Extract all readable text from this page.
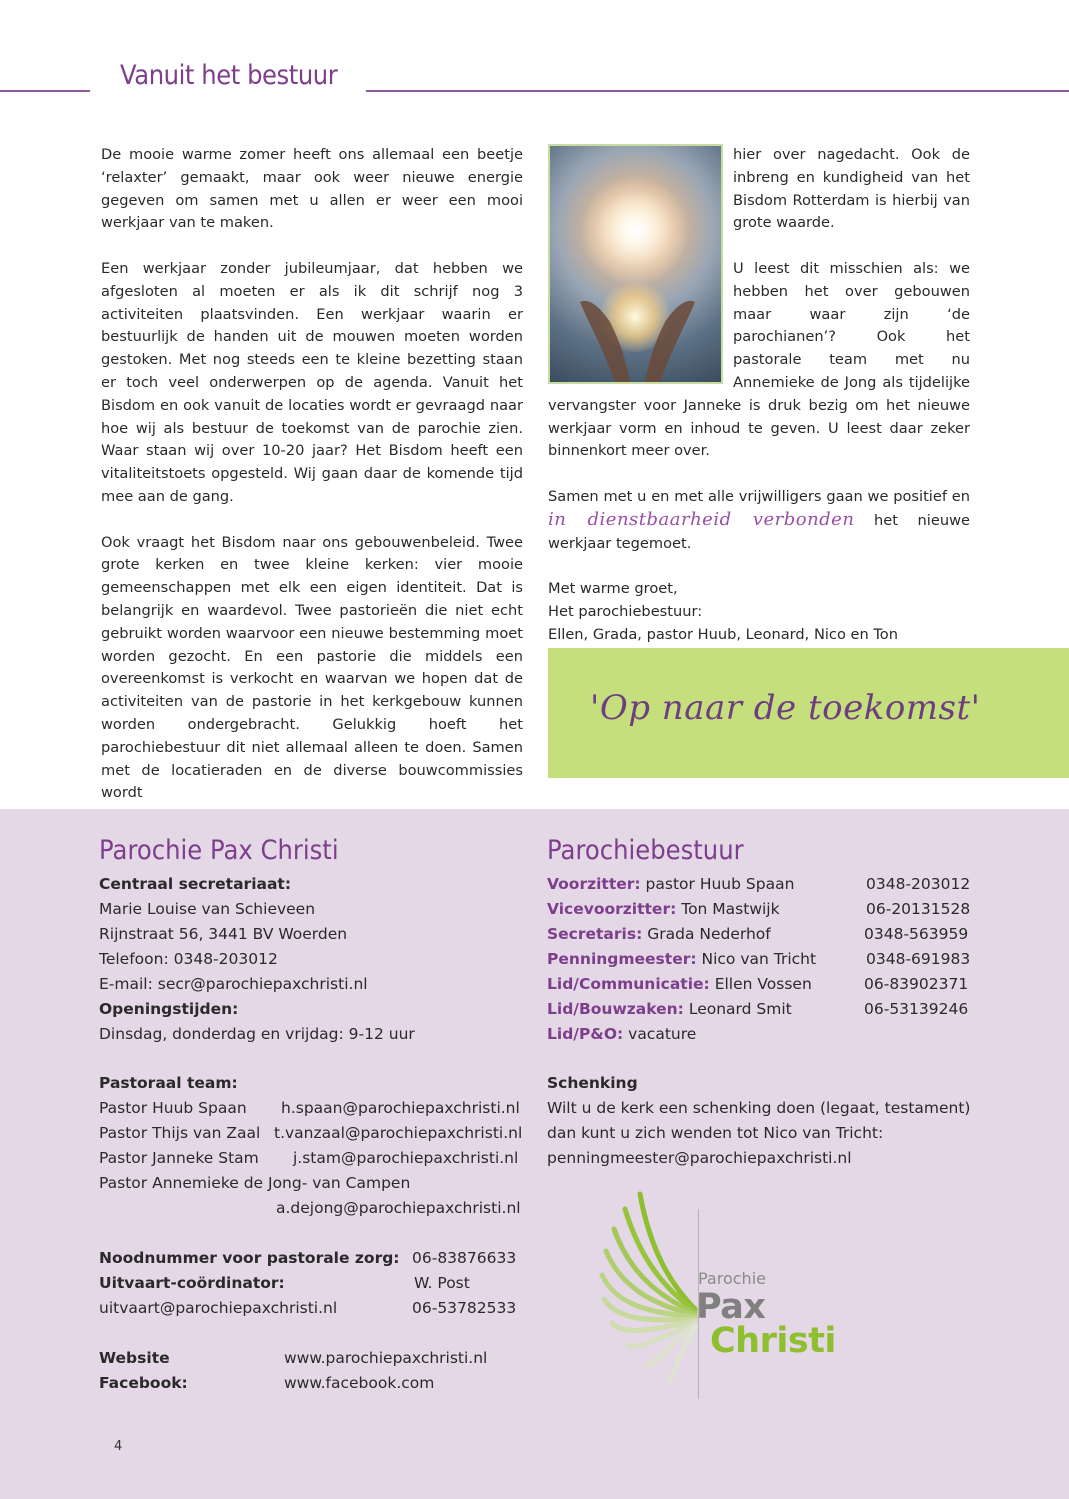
Vanuit het bestuur

De mooie warme zomer heeft ons allemaal een beetje ‘relaxter’ gemaakt, maar ook weer nieuwe energie gegeven om samen met u allen er weer een mooi werkjaar van te maken.

Een werkjaar zonder jubileumjaar, dat hebben we afgesloten al moeten er als ik dit schrijf nog 3 activiteiten plaatsvinden. Een werkjaar waarin er bestuurlijk de handen uit de mouwen moeten worden gestoken. Met nog steeds een te kleine bezetting staan er toch veel onderwerpen op de agenda. Vanuit het Bisdom en ook vanuit de locaties wordt er gevraagd naar hoe wij als bestuur de toekomst van de parochie zien. Waar staan wij over 10-20 jaar? Het Bisdom heeft een vitaliteitstoets opgesteld. Wij gaan daar de komende tijd mee aan de gang.

Ook vraagt het Bisdom naar ons gebouwenbeleid. Twee grote kerken en twee kleine kerken: vier mooie gemeenschappen met elk een eigen identiteit. Dat is belangrijk en waardevol. Twee pastorieën die niet echt gebruikt worden waarvoor een nieuwe bestemming moet worden gezocht. En een pastorie die middels een overeenkomst is verkocht en waarvan we hopen dat de activiteiten van de pastorie in het kerkgebouw kunnen worden ondergebracht. Gelukkig hoeft het parochiebestuur dit niet allemaal alleen te doen. Samen met de locatieraden en de diverse bouwcommissies wordt

hier over nagedacht. Ook de inbreng en kundigheid van het Bisdom Rotterdam is hierbij van grote waarde.

U leest dit misschien als: we hebben het over gebouwen maar waar zijn ‘de parochianen’? Ook het pastorale team met nu Annemieke de Jong als tijdelijke vervangster voor Janneke is druk bezig om het nieuwe werkjaar vorm en inhoud te geven. U leest daar zeker binnenkort meer over.

Samen met u en met alle vrijwilligers gaan we positief en in dienstbaarheid verbonden het nieuwe werkjaar tegemoet.

Met warme groet,
Het parochiebestuur:
Ellen, Grada, pastor Huub, Leonard, Nico en Ton

'Op naar de toekomst'
Parochie Pax Christi
Centraal secretariaat:
Marie Louise van Schieveen
Rijnstraat 56, 3441 BV Woerden
Telefoon: 0348-203012
E-mail: secr@parochiepaxchristi.nl
Openingstijden:
Dinsdag, donderdag en vrijdag: 9-12 uur
Pastoraal team:
Pastor Huub Spaan h.spaan@parochiepaxchristi.nl
Pastor Thijs van Zaal t.vanzaal@parochiepaxchristi.nl
Pastor Janneke Stam j.stam@parochiepaxchristi.nl
Pastor Annemieke de Jong- van Campen
a.dejong@parochiepaxchristi.nl
Noodnummer voor pastorale zorg: 06-83876633
Uitvaart-coördinator:	W. Post
uitvaart@parochiepaxchristi.nl	06-53782533
Website	www.parochiepaxchristi.nl
Facebook:	www.facebook.com
4
Parochiebestuur
Voorzitter: pastor Huub Spaan	0348-203012
Vicevoorzitter: Ton Mastwijk	06-20131528
Secretaris: Grada Nederhof	0348-563959
Penningmeester: Nico van Tricht	0348-691983
Lid/Communicatie: Ellen Vossen	06-83902371
Lid/Bouwzaken: Leonard Smit	06-53139246
Lid/P&O: vacature
Schenking
Wilt u de kerk een schenking doen (legaat, testament)
dan kunt u zich wenden tot Nico van Tricht:
penningmeester@parochiepaxchristi.nl
Parochie
Pax
Christi
